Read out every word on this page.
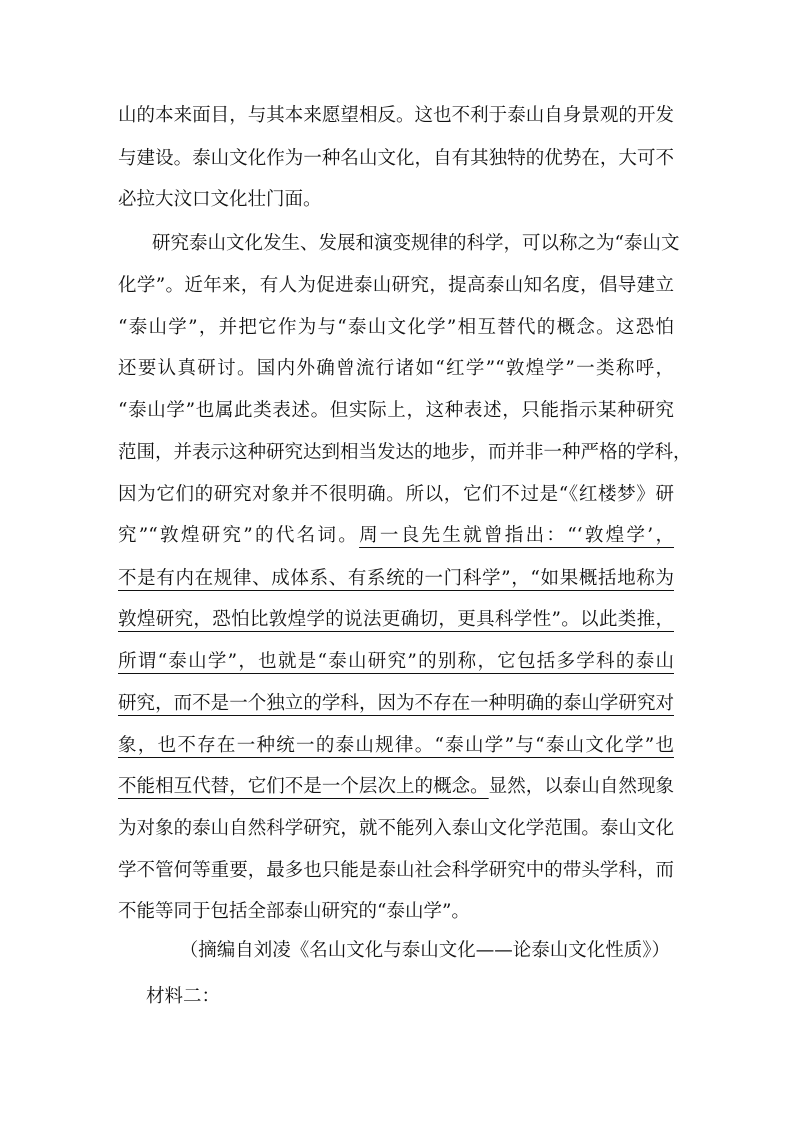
山的本来面目，与其本来愿望相反。这也不利于泰山自身景观的开发
与建设。泰山文化作为一种名山文化，自有其独特的优势在，大可不
必拉大汶口文化壮门面。
研究泰山文化发生、发展和演变规律的科学，可以称之为“泰山文
化学”。近年来，有人为促进泰山研究，提高泰山知名度，倡导建立
“泰山学”，并把它作为与“泰山文化学”相互替代的概念。这恐怕
还要认真研讨。国内外确曾流行诸如“红学”“敦煌学”一类称呼，
“泰山学”也属此类表述。但实际上，这种表述，只能指示某种研究
范围，并表示这种研究达到相当发达的地步，而并非一种严格的学科，
因为它们的研究对象并不很明确。所以，它们不过是“《红楼梦》研
究”“敦煌研究”的代名词。周一良先生就曾指出：“‘敦煌学’，
不是有内在规律、成体系、有系统的一门科学”，“如果概括地称为
敦煌研究，恐怕比敦煌学的说法更确切，更具科学性”。以此类推，
所谓“泰山学”，也就是“泰山研究”的别称，它包括多学科的泰山
研究，而不是一个独立的学科，因为不存在一种明确的泰山学研究对
象，也不存在一种统一的泰山规律。“泰山学”与“泰山文化学”也
不能相互代替，它们不是一个层次上的概念。显然，以泰山自然现象
为对象的泰山自然科学研究，就不能列入泰山文化学范围。泰山文化
学不管何等重要，最多也只能是泰山社会科学研究中的带头学科，而
不能等同于包括全部泰山研究的“泰山学”。
（摘编自刘凌《名山文化与泰山文化——论泰山文化性质》）
材料二：
